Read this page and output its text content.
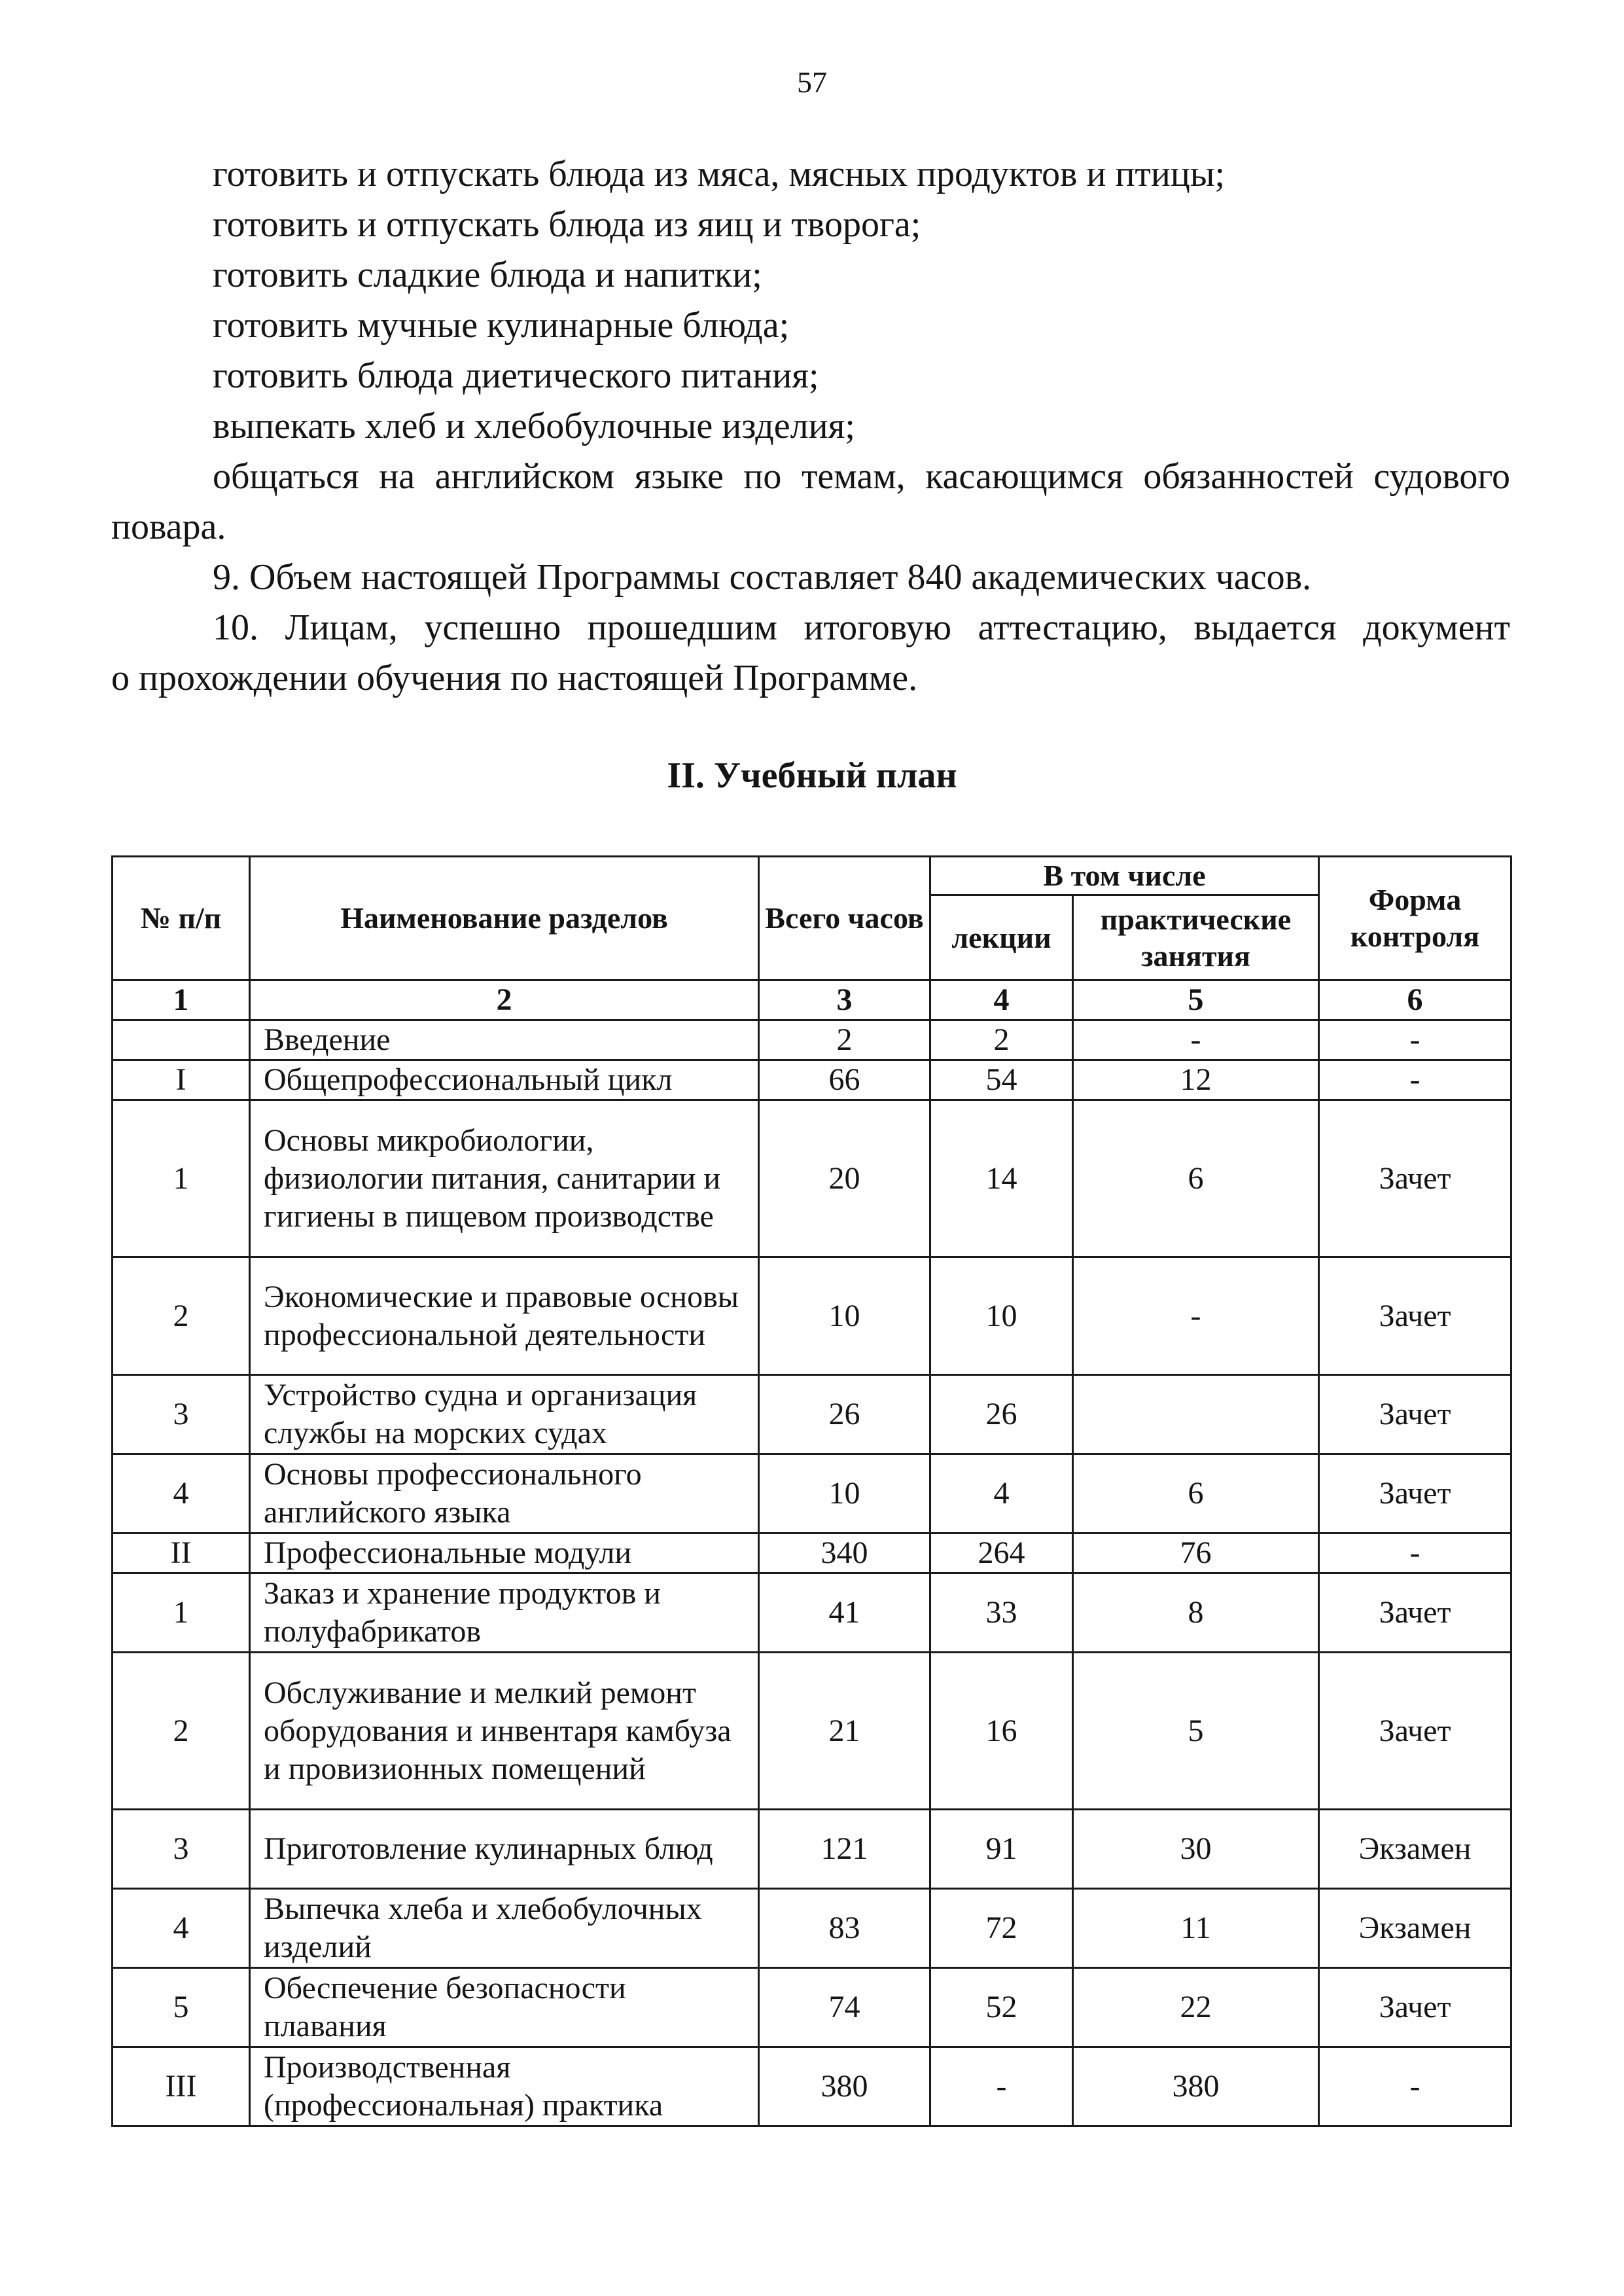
57
готовить и отпускать блюда из мяса, мясных продуктов и птицы;
готовить и отпускать блюда из яиц и творога;
готовить сладкие блюда и напитки;
готовить мучные кулинарные блюда;
готовить блюда диетического питания;
выпекать хлеб и хлебобулочные изделия;
общаться на английском языке по темам, касающимся обязанностей судового
повара.
9. Объем настоящей Программы составляет 840 академических часов.
10. Лицам, успешно прошедшим итоговую аттестацию, выдается документ
о прохождении обучения по настоящей Программе.
II. Учебный план
№ п/п	Наименование разделов	Всего часов	В том числе		Форма контроля
			лекции	практические занятия	
1	2	3	4	5	6
	Введение	2	2	-	-
I	Общепрофессиональный цикл	66	54	12	-
1	Основы микробиологии, физиологии питания, санитарии и гигиены в пищевом производстве	20	14	6	Зачет
2	Экономические и правовые основы профессиональной деятельности	10	10	-	Зачет
3	Устройство судна и организация службы на морских судах	26	26		Зачет
4	Основы профессионального английского языка	10	4	6	Зачет
II	Профессиональные модули	340	264	76	-
1	Заказ и хранение продуктов и полуфабрикатов	41	33	8	Зачет
2	Обслуживание и мелкий ремонт оборудования и инвентаря камбуза и провизионных помещений	21	16	5	Зачет
3	Приготовление кулинарных блюд	121	91	30	Экзамен
4	Выпечка хлеба и хлебобулочных изделий	83	72	11	Экзамен
5	Обеспечение безопасности плавания	74	52	22	Зачет
III	Производственная (профессиональная) практика	380	-	380	-
